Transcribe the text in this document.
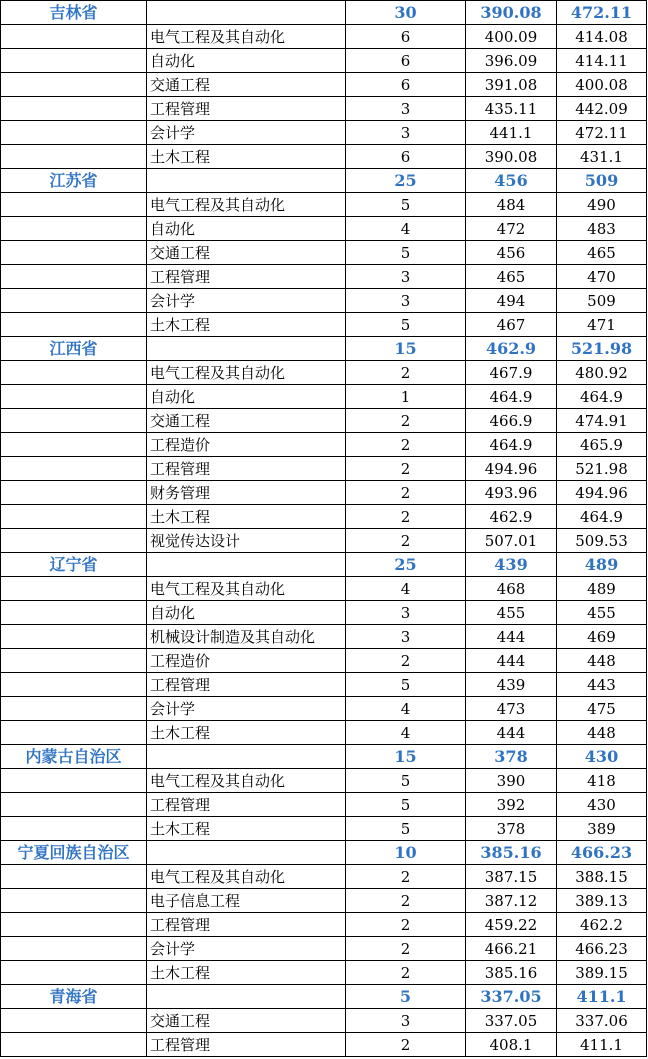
吉林省		30	390.08	472.11
	电气工程及其自动化	6	400.09	414.08
	自动化	6	396.09	414.11
	交通工程	6	391.08	400.08
	工程管理	3	435.11	442.09
	会计学	3	441.1	472.11
	土木工程	6	390.08	431.1
江苏省		25	456	509
	电气工程及其自动化	5	484	490
	自动化	4	472	483
	交通工程	5	456	465
	工程管理	3	465	470
	会计学	3	494	509
	土木工程	5	467	471
江西省		15	462.9	521.98
	电气工程及其自动化	2	467.9	480.92
	自动化	1	464.9	464.9
	交通工程	2	466.9	474.91
	工程造价	2	464.9	465.9
	工程管理	2	494.96	521.98
	财务管理	2	493.96	494.96
	土木工程	2	462.9	464.9
	视觉传达设计	2	507.01	509.53
辽宁省		25	439	489
	电气工程及其自动化	4	468	489
	自动化	3	455	455
	机械设计制造及其自动化	3	444	469
	工程造价	2	444	448
	工程管理	5	439	443
	会计学	4	473	475
	土木工程	4	444	448
内蒙古自治区		15	378	430
	电气工程及其自动化	5	390	418
	工程管理	5	392	430
	土木工程	5	378	389
宁夏回族自治区		10	385.16	466.23
	电气工程及其自动化	2	387.15	388.15
	电子信息工程	2	387.12	389.13
	工程管理	2	459.22	462.2
	会计学	2	466.21	466.23
	土木工程	2	385.16	389.15
青海省		5	337.05	411.1
	交通工程	3	337.05	337.06
	工程管理	2	408.1	411.1
